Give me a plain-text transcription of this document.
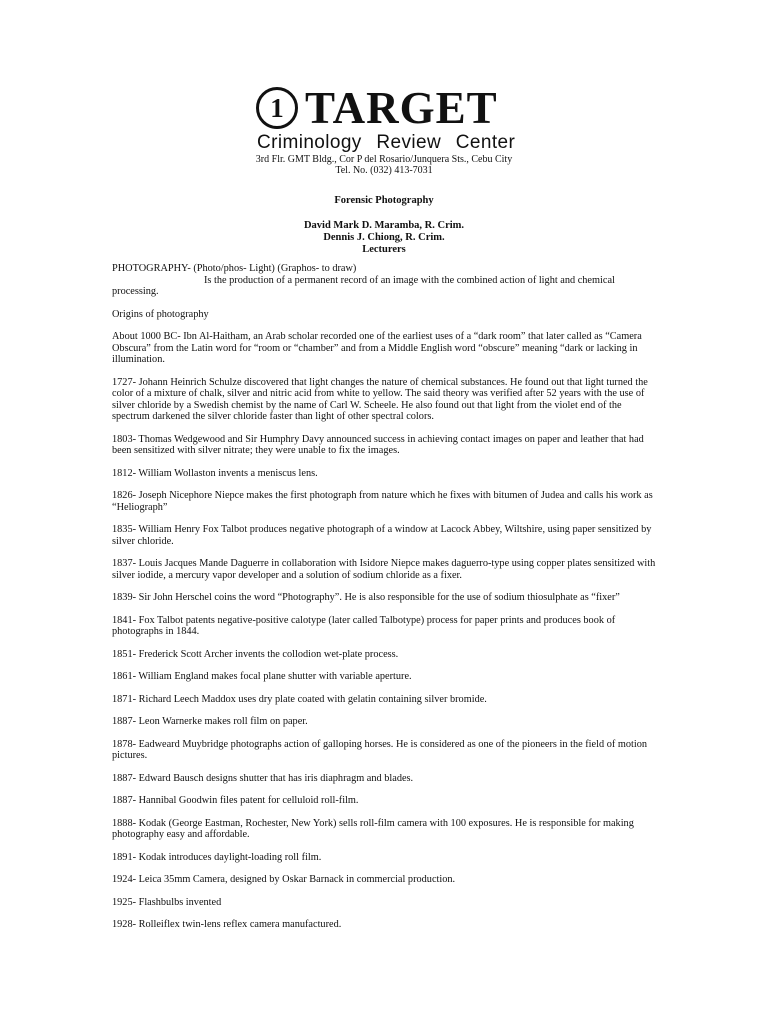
1 TARGET
Criminology Review Center

3rd Flr. GMT Bldg., Cor P del Rosario/Junquera Sts., Cebu City

Tel. No. (032) 413-7031

Forensic Photography

David Mark D. Maramba, R. Crim.

Dennis J. Chiong, R. Crim.

Lecturers

PHOTOGRAPHY- (Photo/phos- Light) (Graphos- to draw)

Is the production of a permanent record of an image with the combined action of light and chemical

processing.

Origins of photography

About 1000 BC- Ibn Al-Haitham, an Arab scholar recorded one of the earliest uses of a “dark room” that later called as “Camera Obscura” from the Latin word for “room or “chamber” and from a Middle English word “obscure” meaning “dark or lacking in illumination.

1727- Johann Heinrich Schulze discovered that light changes the nature of chemical substances. He found out that light turned the color of a mixture of chalk, silver and nitric acid from white to yellow. The said theory was verified after 52 years with the use of silver chloride by a Swedish chemist by the name of Carl W. Scheele. He also found out that light from the violet end of the spectrum darkened the silver chloride faster than light of other spectral colors.

1803- Thomas Wedgewood and Sir Humphry Davy announced success in achieving contact images on paper and leather that had been sensitized with silver nitrate; they were unable to fix the images.

1812- William Wollaston invents a meniscus lens.

1826- Joseph Nicephore Niepce makes the first photograph from nature which he fixes with bitumen of Judea and calls his work as “Heliograph”

1835- William Henry Fox Talbot produces negative photograph of a window at Lacock Abbey, Wiltshire, using paper sensitized by silver chloride.

1837- Louis Jacques Mande Daguerre in collaboration with Isidore Niepce makes daguerro-type using copper plates sensitized with silver iodide, a mercury vapor developer and a solution of sodium chloride as a fixer.

1839- Sir John Herschel coins the word “Photography”. He is also responsible for the use of sodium thiosulphate as “fixer”

1841- Fox Talbot patents negative-positive calotype (later called Talbotype) process for paper prints and produces book of photographs in 1844.

1851- Frederick Scott Archer invents the collodion wet-plate process.

1861- William England makes focal plane shutter with variable aperture.

1871- Richard Leech Maddox uses dry plate coated with gelatin containing silver bromide.

1887- Leon Warnerke makes roll film on paper.

1878- Eadweard Muybridge photographs action of galloping horses. He is considered as one of the pioneers in the field of motion pictures.

1887- Edward Bausch designs shutter that has iris diaphragm and blades.

1887- Hannibal Goodwin files patent for celluloid roll-film.

1888- Kodak (George Eastman, Rochester, New York) sells roll-film camera with 100 exposures. He is responsible for making photography easy and affordable.

1891- Kodak introduces daylight-loading roll film.

1924- Leica 35mm Camera, designed by Oskar Barnack in commercial production.

1925- Flashbulbs invented

1928- Rolleiflex twin-lens reflex camera manufactured.
